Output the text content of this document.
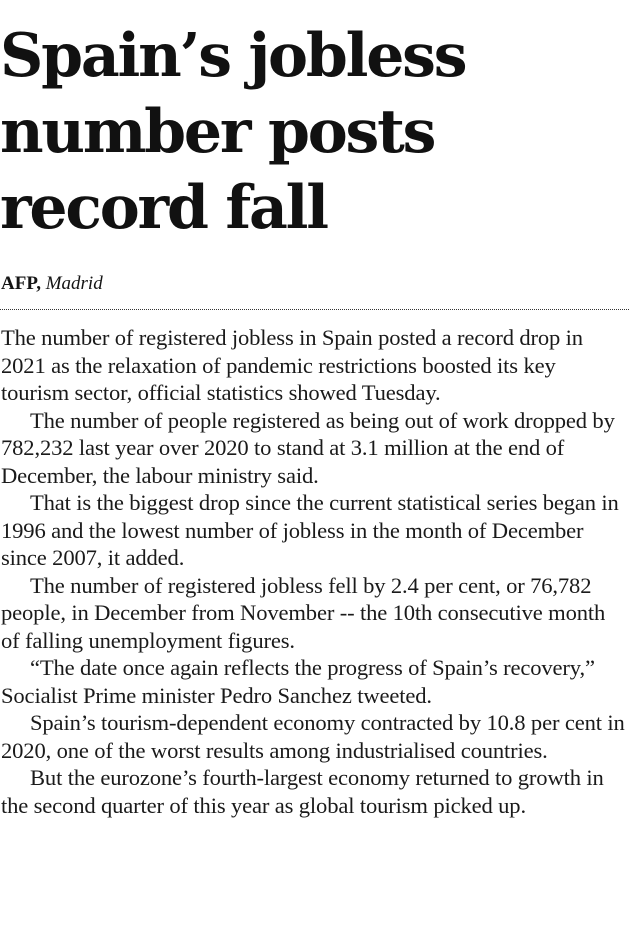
Spain’s jobless number posts record fall
AFP, Madrid

The number of registered jobless in Spain posted a record drop in 2021 as the relaxation of pandemic restrictions boosted its key tourism sector, official statistics showed Tuesday.

The number of people registered as being out of work dropped by 782,232 last year over 2020 to stand at 3.1 million at the end of December, the labour ministry said.

That is the biggest drop since the current statistical series began in 1996 and the lowest number of jobless in the month of December since 2007, it added.

The number of registered jobless fell by 2.4 per cent, or 76,782 people, in December from November -- the 10th consecutive month of falling unemployment figures.

“The date once again reflects the progress of Spain’s recovery,” Socialist Prime minister Pedro Sanchez tweeted.

Spain’s tourism-dependent economy contracted by 10.8 per cent in 2020, one of the worst results among industrialised countries.

But the eurozone’s fourth-largest economy returned to growth in the second quarter of this year as global tourism picked up.
